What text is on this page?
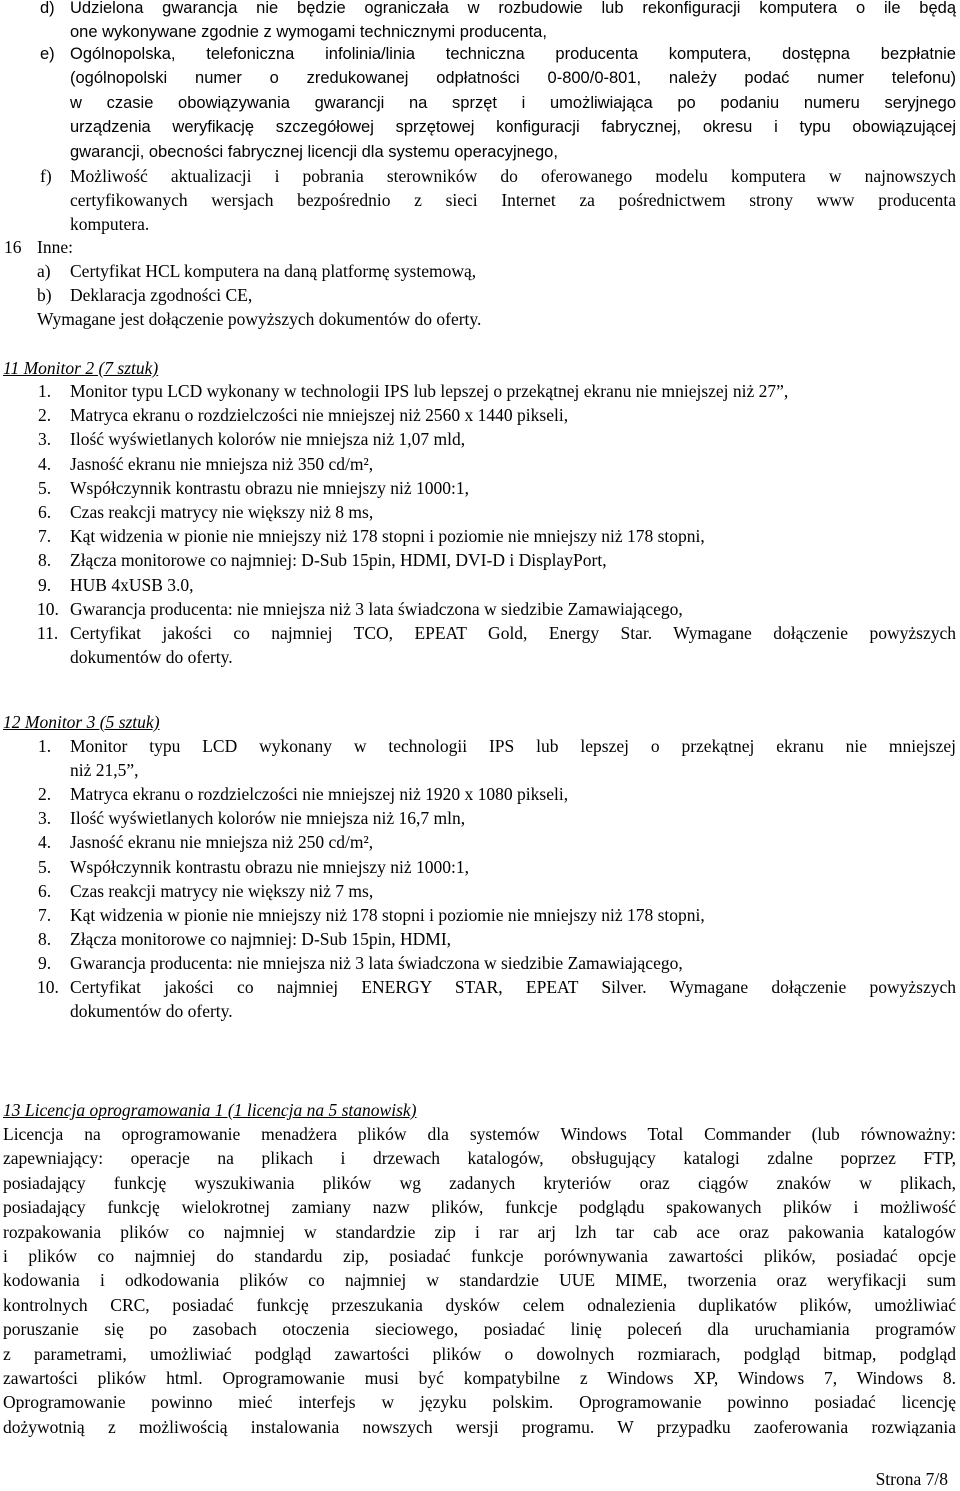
d) Udzielona gwarancja nie będzie ograniczała w rozbudowie lub rekonfiguracji komputera o ile będą
one wykonywane zgodnie z wymogami technicznymi producenta,
e) Ogólnopolska, telefoniczna infolinia/linia techniczna producenta komputera, dostępna bezpłatnie
(ogólnopolski numer o zredukowanej odpłatności 0-800/0-801, należy podać numer telefonu)
w czasie obowiązywania gwarancji na sprzęt i umożliwiająca po podaniu numeru seryjnego
urządzenia weryfikację szczegółowej sprzętowej konfiguracji fabrycznej, okresu i typu obowiązującej
gwarancji, obecności fabrycznej licencji dla systemu operacyjnego,
f) Możliwość aktualizacji i pobrania sterowników do oferowanego modelu komputera w najnowszych
certyfikowanych wersjach bezpośrednio z sieci Internet za pośrednictwem strony www producenta
komputera.
16 Inne:
a) Certyfikat HCL komputera na daną platformę systemową,
b) Deklaracja zgodności CE,
Wymagane jest dołączenie powyższych dokumentów do oferty.
11 Monitor 2 (7 sztuk)
1. Monitor typu LCD wykonany w technologii IPS lub lepszej o przekątnej ekranu nie mniejszej niż 27”,
2. Matryca ekranu o rozdzielczości nie mniejszej niż 2560 x 1440 pikseli,
3. Ilość wyświetlanych kolorów nie mniejsza niż 1,07 mld,
4. Jasność ekranu nie mniejsza niż 350 cd/m²,
5. Współczynnik kontrastu obrazu nie mniejszy niż 1000:1,
6. Czas reakcji matrycy nie większy niż 8 ms,
7. Kąt widzenia w pionie nie mniejszy niż 178 stopni i poziomie nie mniejszy niż 178 stopni,
8. Złącza monitorowe co najmniej: D-Sub 15pin, HDMI, DVI-D i DisplayPort,
9. HUB 4xUSB 3.0,
10. Gwarancja producenta: nie mniejsza niż 3 lata świadczona w siedzibie Zamawiającego,
11. Certyfikat jakości co najmniej TCO, EPEAT Gold, Energy Star. Wymagane dołączenie powyższych
dokumentów do oferty.
12 Monitor 3 (5 sztuk)
1. Monitor typu LCD wykonany w technologii IPS lub lepszej o przekątnej ekranu nie mniejszej
niż 21,5”,
2. Matryca ekranu o rozdzielczości nie mniejszej niż 1920 x 1080 pikseli,
3. Ilość wyświetlanych kolorów nie mniejsza niż 16,7 mln,
4. Jasność ekranu nie mniejsza niż 250 cd/m²,
5. Współczynnik kontrastu obrazu nie mniejszy niż 1000:1,
6. Czas reakcji matrycy nie większy niż 7 ms,
7. Kąt widzenia w pionie nie mniejszy niż 178 stopni i poziomie nie mniejszy niż 178 stopni,
8. Złącza monitorowe co najmniej: D-Sub 15pin, HDMI,
9. Gwarancja producenta: nie mniejsza niż 3 lata świadczona w siedzibie Zamawiającego,
10. Certyfikat jakości co najmniej ENERGY STAR, EPEAT Silver. Wymagane dołączenie powyższych
dokumentów do oferty.
13 Licencja oprogramowania 1 (1 licencja na 5 stanowisk)
Licencja na oprogramowanie menadżera plików dla systemów Windows Total Commander (lub równoważny:
zapewniający: operacje na plikach i drzewach katalogów, obsługujący katalogi zdalne poprzez FTP,
posiadający funkcję wyszukiwania plików wg zadanych kryteriów oraz ciągów znaków w plikach,
posiadający funkcję wielokrotnej zamiany nazw plików, funkcje podglądu spakowanych plików i możliwość
rozpakowania plików co najmniej w standardzie zip i rar arj lzh tar cab ace oraz pakowania katalogów
i plików co najmniej do standardu zip, posiadać funkcje porównywania zawartości plików, posiadać opcje
kodowania i odkodowania plików co najmniej w standardzie UUE MIME, tworzenia oraz weryfikacji sum
kontrolnych CRC, posiadać funkcję przeszukania dysków celem odnalezienia duplikatów plików, umożliwiać
poruszanie się po zasobach otoczenia sieciowego, posiadać linię poleceń dla uruchamiania programów
z parametrami, umożliwiać podgląd zawartości plików o dowolnych rozmiarach, podgląd bitmap, podgląd
zawartości plików html. Oprogramowanie musi być kompatybilne z Windows XP, Windows 7, Windows 8.
Oprogramowanie powinno mieć interfejs w języku polskim. Oprogramowanie powinno posiadać licencję
dożywotnią z możliwością instalowania nowszych wersji programu. W przypadku zaoferowania rozwiązania
Strona 7/8
